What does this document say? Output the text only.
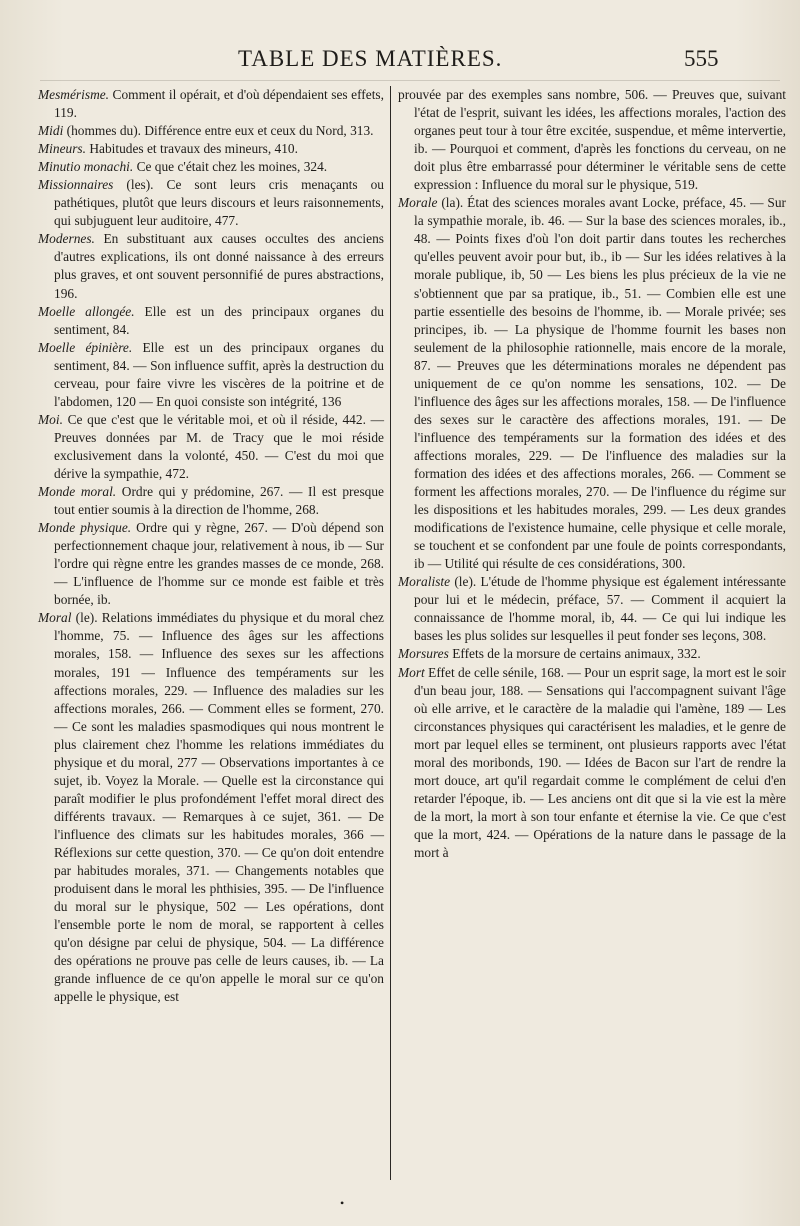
TABLE DES MATIÈRES.	555

Mesmérisme. Comment il opérait, et d'où dépendaient ses effets, 119.

Midi (hommes du). Différence entre eux et ceux du Nord, 313.

Mineurs. Habitudes et travaux des mineurs, 410.

Minutio monachi. Ce que c'était chez les moines, 324.

Missionnaires (les). Ce sont leurs cris menaçants ou pathétiques, plutôt que leurs discours et leurs raisonnements, qui subjuguent leur auditoire, 477.

Modernes. En substituant aux causes occultes des anciens d'autres explications, ils ont donné naissance à des erreurs plus graves, et ont souvent personnifié de pures abstractions, 196.

Moelle allongée. Elle est un des principaux organes du sentiment, 84.

Moelle épinière. Elle est un des principaux organes du sentiment, 84. — Son influence suffit, après la destruction du cerveau, pour faire vivre les viscères de la poitrine et de l'abdomen, 120 — En quoi consiste son intégrité, 136

Moi. Ce que c'est que le véritable moi, et où il réside, 442. — Preuves données par M. de Tracy que le moi réside exclusivement dans la volonté, 450. — C'est du moi que dérive la sympathie, 472.

Monde moral. Ordre qui y prédomine, 267. — Il est presque tout entier soumis à la direction de l'homme, 268.

Monde physique. Ordre qui y règne, 267. — D'où dépend son perfectionnement chaque jour, relativement à nous, ib — Sur l'ordre qui règne entre les grandes masses de ce monde, 268. — L'influence de l'homme sur ce monde est faible et très bornée, ib.

Moral (le). Relations immédiates du physique et du moral chez l'homme, 75. — Influence des âges sur les affections morales, 158. — Influence des sexes sur les affections morales, 191 — Influence des tempéraments sur les affections morales, 229. — Influence des maladies sur les affections morales, 266. — Comment elles se forment, 270. — Ce sont les maladies spasmodiques qui nous montrent le plus clairement chez l'homme les relations immédiates du physique et du moral, 277 — Observations importantes à ce sujet, ib. Voyez la Morale. — Quelle est la circonstance qui paraît modifier le plus profondément l'effet moral direct des différents travaux. — Remarques à ce sujet, 361. — De l'influence des climats sur les habitudes morales, 366 — Réflexions sur cette question, 370. — Ce qu'on doit entendre par habitudes morales, 371. — Changements notables que produisent dans le moral les phthisies, 395. — De l'influence du moral sur le physique, 502 — Les opérations, dont l'ensemble porte le nom de moral, se rapportent à celles qu'on désigne par celui de physique, 504. — La différence des opérations ne prouve pas celle de leurs causes, ib. — La grande influence de ce qu'on appelle le moral sur ce qu'on appelle le physique, est

prouvée par des exemples sans nombre, 506. — Preuves que, suivant l'état de l'esprit, suivant les idées, les affections morales, l'action des organes peut tour à tour être excitée, suspendue, et même intervertie, ib. — Pourquoi et comment, d'après les fonctions du cerveau, on ne doit plus être embarrassé pour déterminer le véritable sens de cette expression : Influence du moral sur le physique, 519.

Morale (la). État des sciences morales avant Locke, préface, 45. — Sur la sympathie morale, ib. 46. — Sur la base des sciences morales, ib., 48. — Points fixes d'où l'on doit partir dans toutes les recherches qu'elles peuvent avoir pour but, ib., ib — Sur les idées relatives à la morale publique, ib, 50 — Les biens les plus précieux de la vie ne s'obtiennent que par sa pratique, ib., 51. — Combien elle est une partie essentielle des besoins de l'homme, ib. — Morale privée; ses principes, ib. — La physique de l'homme fournit les bases non seulement de la philosophie rationnelle, mais encore de la morale, 87. — Preuves que les déterminations morales ne dépendent pas uniquement de ce qu'on nomme les sensations, 102. — De l'influence des âges sur les affections morales, 158. — De l'influence des sexes sur le caractère des affections morales, 191. — De l'influence des tempéraments sur la formation des idées et des affections morales, 229. — De l'influence des maladies sur la formation des idées et des affections morales, 266. — Comment se forment les affections morales, 270. — De l'influence du régime sur les dispositions et les habitudes morales, 299. — Les deux grandes modifications de l'existence humaine, celle physique et celle morale, se touchent et se confondent par une foule de points correspondants, ib — Utilité qui résulte de ces considérations, 300.

Moraliste (le). L'étude de l'homme physique est également intéressante pour lui et le médecin, préface, 57. — Comment il acquiert la connaissance de l'homme moral, ib, 44. — Ce qui lui indique les bases les plus solides sur lesquelles il peut fonder ses leçons, 308.

Morsures Effets de la morsure de certains animaux, 332.

Mort Effet de celle sénile, 168. — Pour un esprit sage, la mort est le soir d'un beau jour, 188. — Sensations qui l'accompagnent suivant l'âge où elle arrive, et le caractère de la maladie qui l'amène, 189 — Les circonstances physiques qui caractérisent les maladies, et le genre de mort par lequel elles se terminent, ont plusieurs rapports avec l'état moral des moribonds, 190. — Idées de Bacon sur l'art de rendre la mort douce, art qu'il regardait comme le complément de celui d'en retarder l'époque, ib. — Les anciens ont dit que si la vie est la mère de la mort, la mort à son tour enfante et éternise la vie. Ce que c'est que la mort, 424. — Opérations de la nature dans le passage de la mort à

•
